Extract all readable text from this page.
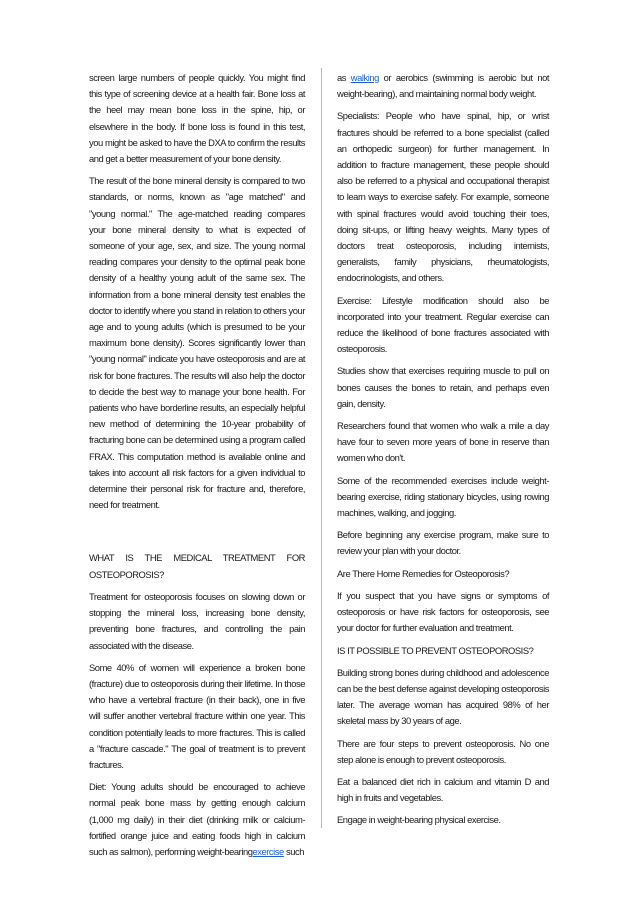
screen large numbers of people quickly. You might find this type of screening device at a health fair. Bone loss at the heel may mean bone loss in the spine, hip, or elsewhere in the body. If bone loss is found in this test, you might be asked to have the DXA to confirm the results and get a better measurement of your bone density.

The result of the bone mineral density is compared to two standards, or norms, known as "age matched" and "young normal." The age-matched reading compares your bone mineral density to what is expected of someone of your age, sex, and size. The young normal reading compares your density to the optimal peak bone density of a healthy young adult of the same sex. The information from a bone mineral density test enables the doctor to identify where you stand in relation to others your age and to young adults (which is presumed to be your maximum bone density). Scores significantly lower than "young normal" indicate you have osteoporosis and are at risk for bone fractures. The results will also help the doctor to decide the best way to manage your bone health. For patients who have borderline results, an especially helpful new method of determining the 10-year probability of fracturing bone can be determined using a program called FRAX. This computation method is available online and takes into account all risk factors for a given individual to determine their personal risk for fracture and, therefore, need for treatment.

WHAT IS THE MEDICAL TREATMENT FOR OSTEOPOROSIS?

Treatment for osteoporosis focuses on slowing down or stopping the mineral loss, increasing bone density, preventing bone fractures, and controlling the pain associated with the disease.

Some 40% of women will experience a broken bone (fracture) due to osteoporosis during their lifetime. In those who have a vertebral fracture (in their back), one in five will suffer another vertebral fracture within one year. This condition potentially leads to more fractures. This is called a "fracture cascade." The goal of treatment is to prevent fractures.

Diet: Young adults should be encouraged to achieve normal peak bone mass by getting enough calcium (1,000 mg daily) in their diet (drinking milk or calcium-fortified orange juice and eating foods high in calcium such as salmon), performing weight-bearingexercise such

as walking or aerobics (swimming is aerobic but not weight-bearing), and maintaining normal body weight.

Specialists: People who have spinal, hip, or wrist fractures should be referred to a bone specialist (called an orthopedic surgeon) for further management. In addition to fracture management, these people should also be referred to a physical and occupational therapist to learn ways to exercise safely. For example, someone with spinal fractures would avoid touching their toes, doing sit-ups, or lifting heavy weights. Many types of doctors treat osteoporosis, including internists, generalists, family physicians, rheumatologists, endocrinologists, and others.

Exercise: Lifestyle modification should also be incorporated into your treatment. Regular exercise can reduce the likelihood of bone fractures associated with osteoporosis.

Studies show that exercises requiring muscle to pull on bones causes the bones to retain, and perhaps even gain, density.

Researchers found that women who walk a mile a day have four to seven more years of bone in reserve than women who don't.

Some of the recommended exercises include weight-bearing exercise, riding stationary bicycles, using rowing machines, walking, and jogging.

Before beginning any exercise program, make sure to review your plan with your doctor.

Are There Home Remedies for Osteoporosis?

If you suspect that you have signs or symptoms of osteoporosis or have risk factors for osteoporosis, see your doctor for further evaluation and treatment.

IS IT POSSIBLE TO PREVENT OSTEOPOROSIS?

Building strong bones during childhood and adolescence can be the best defense against developing osteoporosis later. The average woman has acquired 98% of her skeletal mass by 30 years of age.

There are four steps to prevent osteoporosis. No one step alone is enough to prevent osteoporosis.

Eat a balanced diet rich in calcium and vitamin D and high in fruits and vegetables.

Engage in weight-bearing physical exercise.
